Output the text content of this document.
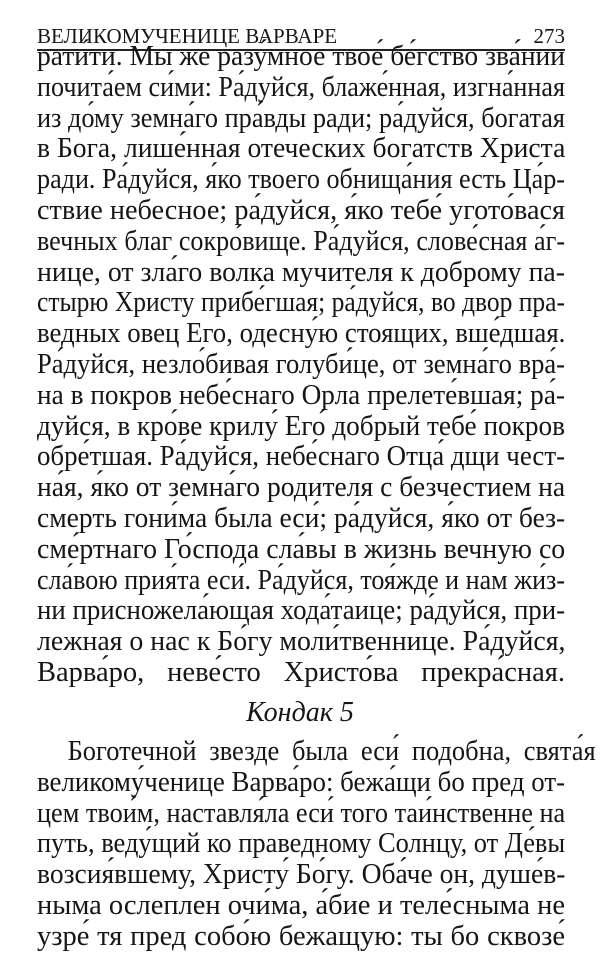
ВЕЛИКОМУЧЕНИЦЕ ВАРВАРЕ	273
рати́ти. Мы же разу́мное твое́ бе́гство зва́нии
почита́ем си́ми: Ра́дуйся, блаже́нная, изгна́нная
из до́му земна́го пра́вды ради; ра́дуйся, богатая
в Бога, лише́нная отеческих богатств Христа
ради. Ра́дуйся, я́ко твоего обнища́ния есть Ца́р-
ствие небесное; ра́дуйся, я́ко тебе́ угото́вася
вечных благ сокро́вище. Ра́дуйся, слове́сная а́г-
нице, от зла́го волка мучителя к доброму па-
стырю Христу прибе́гшая; ра́дуйся, во двор пра-
ведных овец Его, одесну́ю стоящих, вше́дшая.
Ра́дуйся, незло́бивая голуби́це, от земна́го вра́-
на в покров небе́снаго Орла прелете́вшая; ра́-
дуйся, в кро́ве крилу́ Его́ добрый тебе́ покров
обре́тшая. Ра́дуйся, небе́снаго Отца́ дщи чест-
на́я, я́ко от земна́го родителя с безчестием на
смерть гони́ма была еси́; ра́дуйся, я́ко от без-
сме́ртнаго Го́спода сла́вы в жизнь вечную со
сла́вою прия́та еси́. Ра́дуйся, тоя́жде и нам жи́з-
ни присножела́ющая хода́таице; ра́дуйся, при-
лежная о нас к Бо́гу моли́твеннице. Ра́дуйся,
Варва́ро, неве́сто Христо́ва прекра́сная.
Кондак 5
Боготечной звезде была еси́ подобна, свята́я
великому́ченице Варва́ро: бежа́щи бо пред от-
цем твои́м, наставля́ла еси́ того таи́нственне на
путь, веду́щий ко праведному Солнцу, от Де́вы
возсия́вшему, Христу́ Бо́гу. Оба́че он, душе́в-
ныма ослеплен очи́ма, а́бие и теле́сныма не
узре́ тя пред собо́ю бежащую: ты бо сквозе́
